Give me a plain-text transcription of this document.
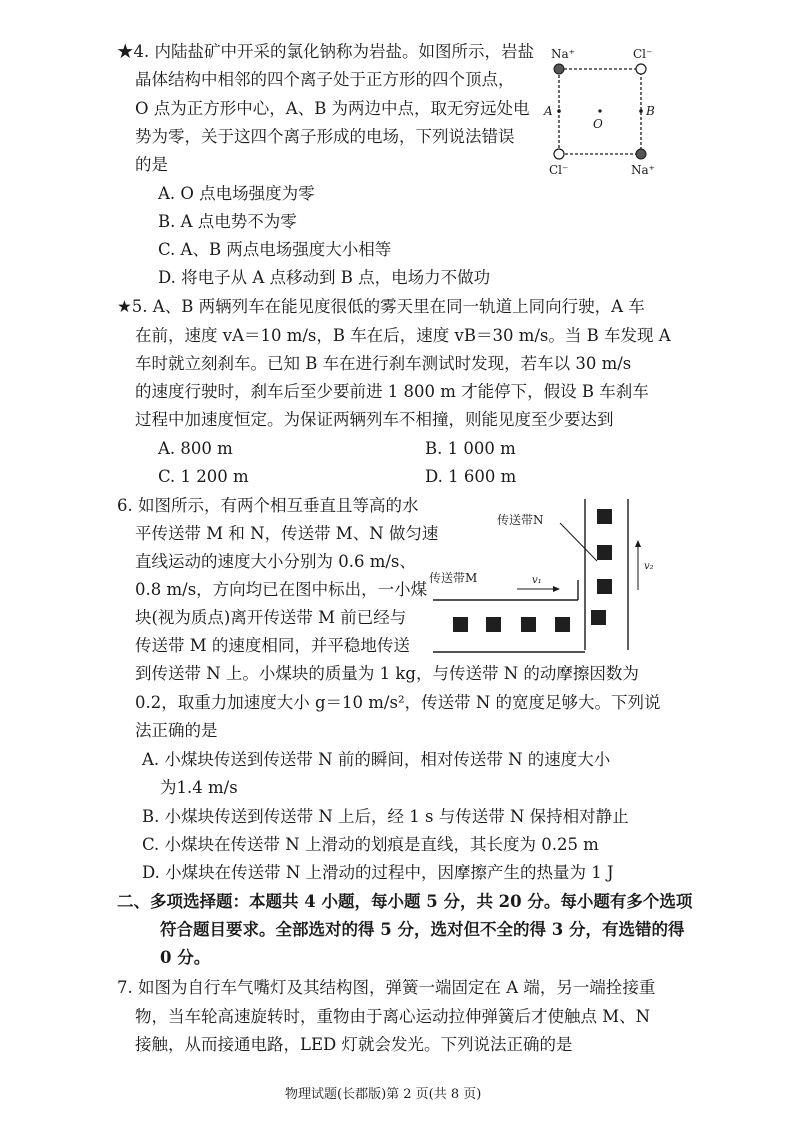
★4. 内陆盐矿中开采的氯化钠称为岩盐。如图所示，岩盐
晶体结构中相邻的四个离子处于正方形的四个顶点，
O 点为正方形中心，A、B 为两边中点，取无穷远处电
势为零，关于这四个离子形成的电场，下列说法错误
的是
A. O 点电场强度为零
B. A 点电势不为零
C. A、B 两点电场强度大小相等
D. 将电子从 A 点移动到 B 点，电场力不做功
Na⁺	Cl⁻
Cl⁻	Na⁺
A	B
O
★5. A、B 两辆列车在能见度很低的雾天里在同一轨道上同向行驶，A 车
在前，速度 vA＝10 m/s，B 车在后，速度 vB＝30 m/s。当 B 车发现 A
车时就立刻刹车。已知 B 车在进行刹车测试时发现，若车以 30 m/s
的速度行驶时，刹车后至少要前进 1 800 m 才能停下，假设 B 车刹车
过程中加速度恒定。为保证两辆列车不相撞，则能见度至少要达到
A. 800 m	B. 1 000 m
C. 1 200 m	D. 1 600 m
6. 如图所示，有两个相互垂直且等高的水
平传送带 M 和 N，传送带 M、N 做匀速
直线运动的速度大小分别为 0.6 m/s、
0.8 m/s，方向均已在图中标出，一小煤
块(视为质点)离开传送带 M 前已经与
传送带 M 的速度相同，并平稳地传送
到传送带 N 上。小煤块的质量为 1 kg，与传送带 N 的动摩擦因数为
0.2，取重力加速度大小 g＝10 m/s²，传送带 N 的宽度足够大。下列说
法正确的是
A. 小煤块传送到传送带 N 前的瞬间，相对传送带 N 的速度大小
为1.4 m/s
B. 小煤块传送到传送带 N 上后，经 1 s 与传送带 N 保持相对静止
C. 小煤块在传送带 N 上滑动的划痕是直线，其长度为 0.25 m
D. 小煤块在传送带 N 上滑动的过程中，因摩擦产生的热量为 1 J
传送带N
传送带M	v₁
v₂
二、多项选择题：本题共 4 小题，每小题 5 分，共 20 分。每小题有多个选项
符合题目要求。全部选对的得 5 分，选对但不全的得 3 分，有选错的得
0 分。
7. 如图为自行车气嘴灯及其结构图，弹簧一端固定在 A 端，另一端拴接重
物，当车轮高速旋转时，重物由于离心运动拉伸弹簧后才使触点 M、N
接触，从而接通电路，LED 灯就会发光。下列说法正确的是
物理试题(长郡版)第 2 页(共 8 页)
